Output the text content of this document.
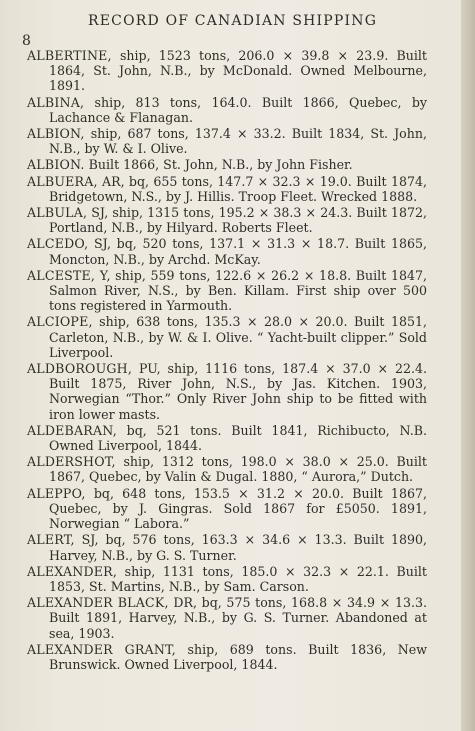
8
RECORD OF CANADIAN SHIPPING

ALBERTINE, ship, 1523 tons, 206.0 × 39.8 × 23.9. Built 1864, St. John, N.B., by McDonald. Owned Melbourne, 1891.

ALBINA, ship, 813 tons, 164.0. Built 1866, Quebec, by Lachance & Flanagan.

ALBION, ship, 687 tons, 137.4 × 33.2. Built 1834, St. John, N.B., by W. & I. Olive.

ALBION. Built 1866, St. John, N.B., by John Fisher.

ALBUERA, AR, bq, 655 tons, 147.7 × 32.3 × 19.0. Built 1874, Bridgetown, N.S., by J. Hillis. Troop Fleet. Wrecked 1888.

ALBULA, SJ, ship, 1315 tons, 195.2 × 38.3 × 24.3. Built 1872, Portland, N.B., by Hilyard. Roberts Fleet.

ALCEDO, SJ, bq, 520 tons, 137.1 × 31.3 × 18.7. Built 1865, Moncton, N.B., by Archd. McKay.

ALCESTE, Y, ship, 559 tons, 122.6 × 26.2 × 18.8. Built 1847, Salmon River, N.S., by Ben. Killam. First ship over 500 tons registered in Yarmouth.

ALCIOPE, ship, 638 tons, 135.3 × 28.0 × 20.0. Built 1851, Carleton, N.B., by W. & I. Olive. “ Yacht-built clipper.” Sold Liverpool.

ALDBOROUGH, PU, ship, 1116 tons, 187.4 × 37.0 × 22.4. Built 1875, River John, N.S., by Jas. Kitchen. 1903, Norwegian “Thor.” Only River John ship to be fitted with iron lower masts.

ALDEBARAN, bq, 521 tons. Built 1841, Richibucto, N.B. Owned Liverpool, 1844.

ALDERSHOT, ship, 1312 tons, 198.0 × 38.0 × 25.0. Built 1867, Quebec, by Valin & Dugal. 1880, “ Aurora,” Dutch.

ALEPPO, bq, 648 tons, 153.5 × 31.2 × 20.0. Built 1867, Quebec, by J. Gingras. Sold 1867 for £5050. 1891, Norwegian “ Labora.”

ALERT, SJ, bq, 576 tons, 163.3 × 34.6 × 13.3. Built 1890, Harvey, N.B., by G. S. Turner.

ALEXANDER, ship, 1131 tons, 185.0 × 32.3 × 22.1. Built 1853, St. Martins, N.B., by Sam. Carson.

ALEXANDER BLACK, DR, bq, 575 tons, 168.8 × 34.9 × 13.3. Built 1891, Harvey, N.B., by G. S. Turner. Abandoned at sea, 1903.

ALEXANDER GRANT, ship, 689 tons. Built 1836, New Brunswick. Owned Liverpool, 1844.
